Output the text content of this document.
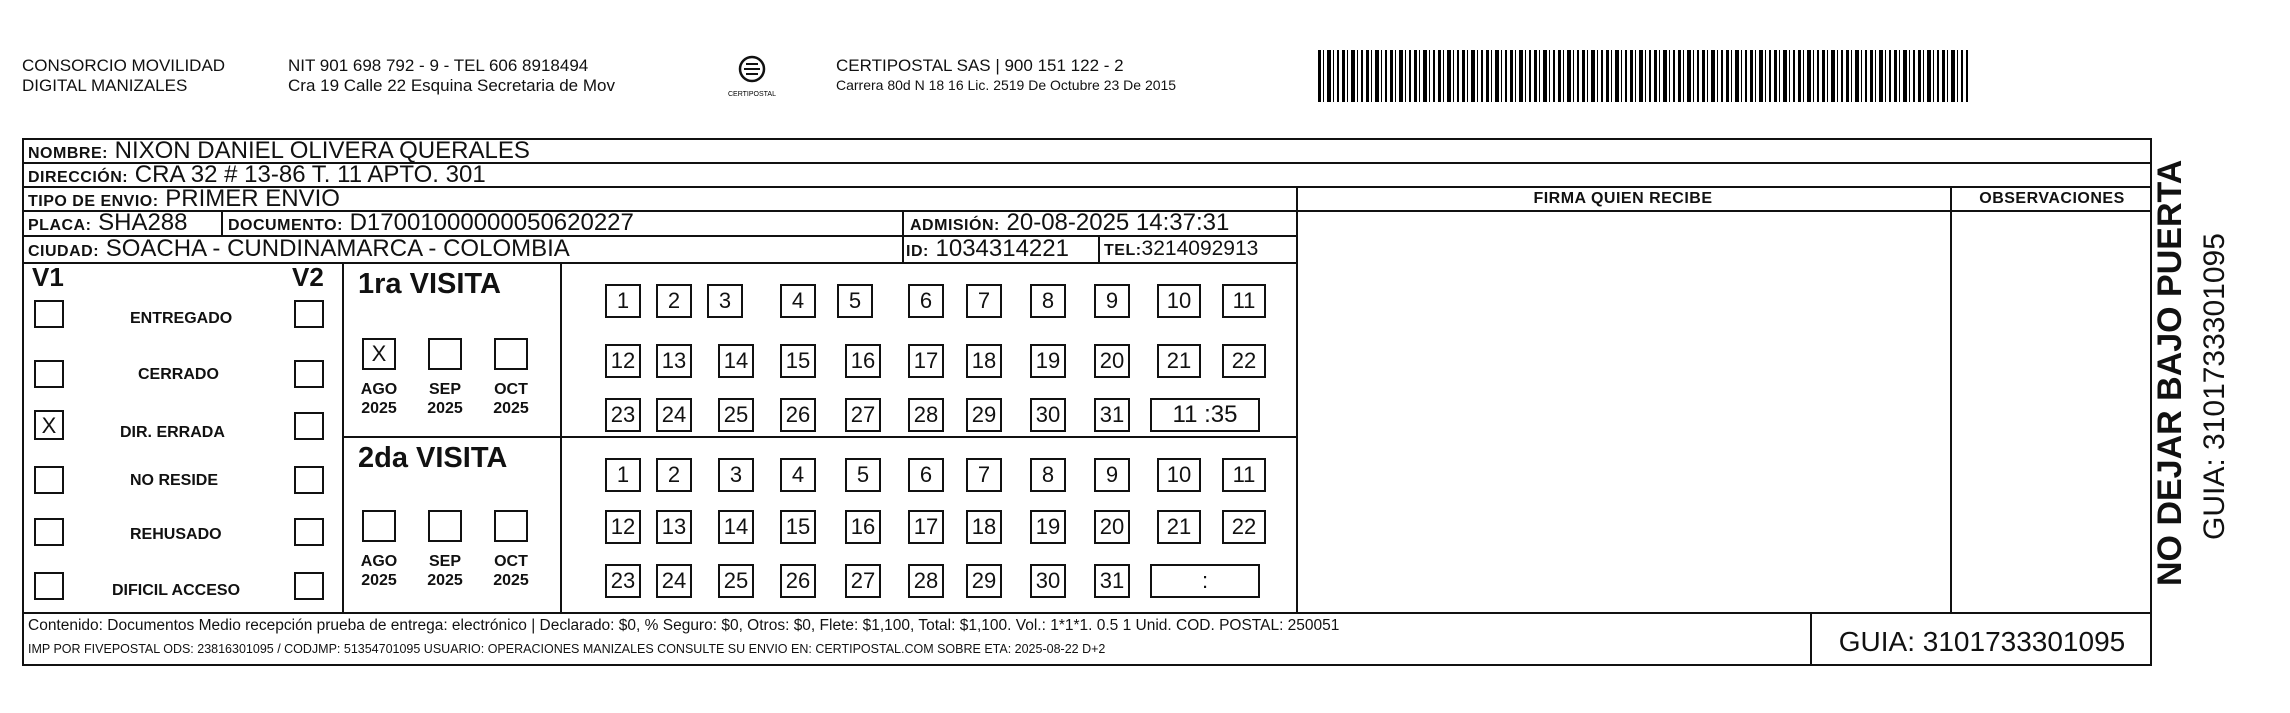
CONSORCIO MOVILIDAD
DIGITAL MANIZALES
NIT 901 698 792 - 9 - TEL 606 8918494
Cra 19 Calle 22 Esquina Secretaria de Mov	CERTIPOSTAL
CERTIPOSTAL SAS | 900 151 122 - 2
Carrera 80d N 18 16 Lic. 2519 De Octubre 23 De 2015
NOMBRE: NIXON DANIEL OLIVERA QUERALES
DIRECCIÓN: CRA 32 # 13-86 T. 11 APTO. 301
TIPO DE ENVIO: PRIMER ENVIO	FIRMA QUIEN RECIBE	OBSERVACIONES
PLACA: SHA288	DOCUMENTO: D17001000000050620227	ADMISIÓN: 20-08-2025 14:37:31
CIUDAD: SOACHA - CUNDINAMARCA - COLOMBIA	ID: 1034314221 TEL:3214092913
V1	V2
ENTREGADO
CERRADO
X	DIR. ERRADA
NO RESIDE
REHUSADO
DIFICIL ACCESO
1ra VISITA
X
AGO
2025
SEP
2025
OCT
2025
2da VISITA
AGO
2025
SEP
2025
OCT
2025
1	2	3	4	5	6	7	8	9	10	11
12 13 14 15 16 17 18 19 20	21	22
23 24 25 26 27 28 29 30 31	11 :35
1	2	3	4	5	6	7	8	9	10	11
12 13 14 15 16 17 18 19 20	21	22
23 24 25 26 27 28 29 30 31	:	NO DEJAR BAJO PUERTA GUIA: 3101733301095
Contenido: Documentos Medio recepción prueba de entrega: electrónico | Declarado: $0, % Seguro: $0, Otros: $0, Flete: $1,100, Total: $1,100. Vol.: 1*1*1. 0.5 1 Unid. COD. POSTAL: 250051
IMP POR FIVEPOSTAL ODS: 23816301095 / CODJMP: 51354701095 USUARIO: OPERACIONES MANIZALES CONSULTE SU ENVIO EN: CERTIPOSTAL.COM SOBRE ETA: 2025-08-22 D+2	GUIA: 3101733301095
